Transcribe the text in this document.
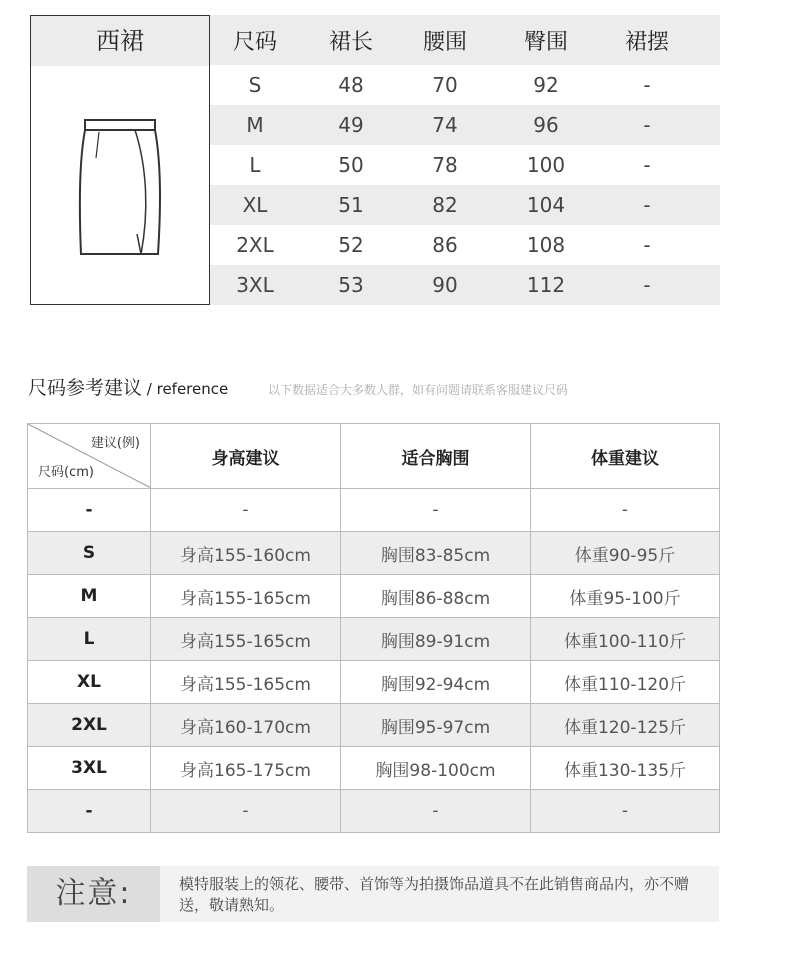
西裙	尺码	裙长	腰围	臀围	裙摆
S	48	70	92	-
M	49	74	96	-
L	50	78	100	-
XL	51	82	104	-
2XL	52	86	108	-
3XL	53	90	112	-
尺码参考建议 / reference	以下数据适合大多数人群，如有问题请联系客服建议尺码
建议(例)
尺码(cm)	身高建议	适合胸围	体重建议
-	-	-	-
S	身高155-160cm	胸围83-85cm	体重90-95斤
M	身高155-165cm	胸围86-88cm	体重95-100斤
L	身高155-165cm	胸围89-91cm	体重100-110斤
XL	身高155-165cm	胸围92-94cm	体重110-120斤
2XL	身高160-170cm	胸围95-97cm	体重120-125斤
3XL	身高165-175cm	胸围98-100cm	体重130-135斤
-	-	-	-
注意:	模特服装上的领花、腰带、首饰等为拍摄饰品道具不在此销售商品内，亦不赠送，敬请熟知。
